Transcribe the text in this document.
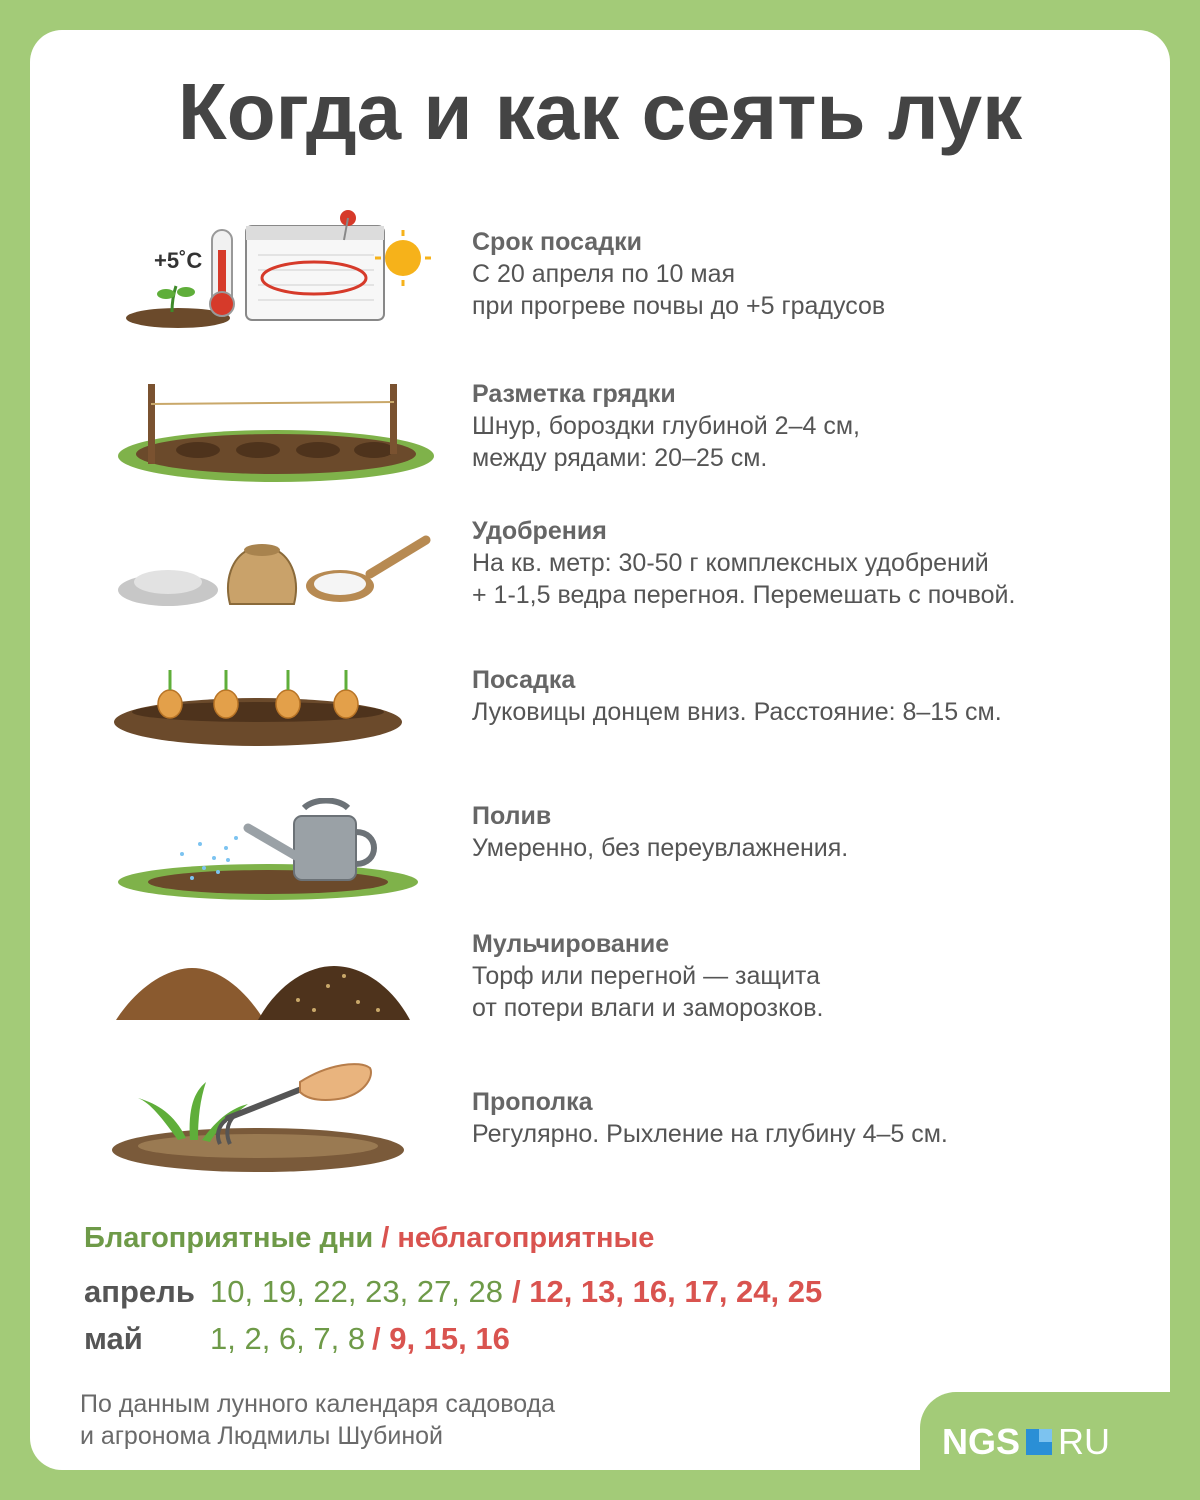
Когда и как сеять лук
+5˚C
Срок посадки
С 20 апреля по 10 мая
при прогреве почвы до +5 градусов
Разметка грядки
Шнур, бороздки глубиной 2–4 см,
между рядами: 20–25 см.
Удобрения
На кв. метр: 30-50 г комплексных удобрений
+ 1-1,5 ведра перегноя. Перемешать с почвой.
Посадка
Луковицы донцем вниз. Расстояние: 8–15 см.
Полив
Умеренно, без переувлажнения.
Мульчирование
Торф или перегной — защита
от потери влаги и заморозков.
Прополка
Регулярно. Рыхление на глубину 4–5 см.
Благоприятные дни / неблагоприятные
апрель 10, 19, 22, 23, 27, 28 / 12, 13, 16, 17, 24, 25
май	1, 2, 6, 7, 8 / 9, 15, 16
По данным лунного календаря садовода
и агронома Людмилы Шубиной	NGS RU
